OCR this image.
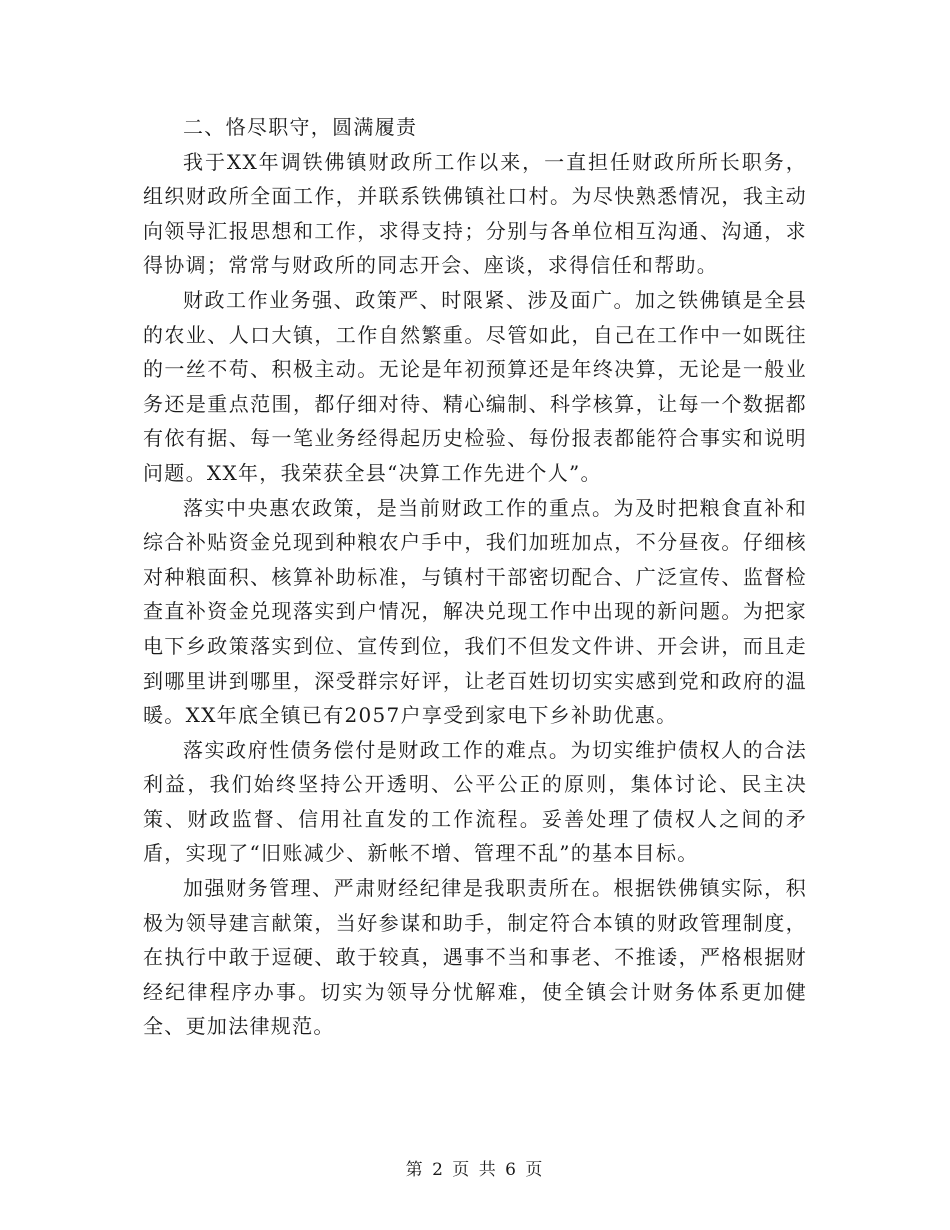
二、恪尽职守，圆满履责

我于XX年调铁佛镇财政所工作以来，一直担任财政所所长职务，组织财政所全面工作，并联系铁佛镇社口村。为尽快熟悉情况，我主动向领导汇报思想和工作，求得支持；分别与各单位相互沟通、沟通，求得协调；常常与财政所的同志开会、座谈，求得信任和帮助。

财政工作业务强、政策严、时限紧、涉及面广。加之铁佛镇是全县的农业、人口大镇，工作自然繁重。尽管如此，自己在工作中一如既往的一丝不苟、积极主动。无论是年初预算还是年终决算，无论是一般业务还是重点范围，都仔细对待、精心编制、科学核算，让每一个数据都有依有据、每一笔业务经得起历史检验、每份报表都能符合事实和说明问题。XX年，我荣获全县“决算工作先进个人”。

落实中央惠农政策，是当前财政工作的重点。为及时把粮食直补和综合补贴资金兑现到种粮农户手中，我们加班加点，不分昼夜。仔细核对种粮面积、核算补助标准，与镇村干部密切配合、广泛宣传、监督检查直补资金兑现落实到户情况，解决兑现工作中出现的新问题。为把家电下乡政策落实到位、宣传到位，我们不但发文件讲、开会讲，而且走到哪里讲到哪里，深受群宗好评，让老百姓切切实实感到党和政府的温暖。XX年底全镇已有2057户享受到家电下乡补助优惠。

落实政府性债务偿付是财政工作的难点。为切实维护债权人的合法利益，我们始终坚持公开透明、公平公正的原则，集体讨论、民主决策、财政监督、信用社直发的工作流程。妥善处理了债权人之间的矛盾，实现了“旧账减少、新帐不增、管理不乱”的基本目标。

加强财务管理、严肃财经纪律是我职责所在。根据铁佛镇实际，积极为领导建言献策，当好参谋和助手，制定符合本镇的财政管理制度，在执行中敢于逗硬、敢于较真，遇事不当和事老、不推诿，严格根据财经纪律程序办事。切实为领导分忧解难，使全镇会计财务体系更加健全、更加法律规范。

第 2 页 共 6 页
